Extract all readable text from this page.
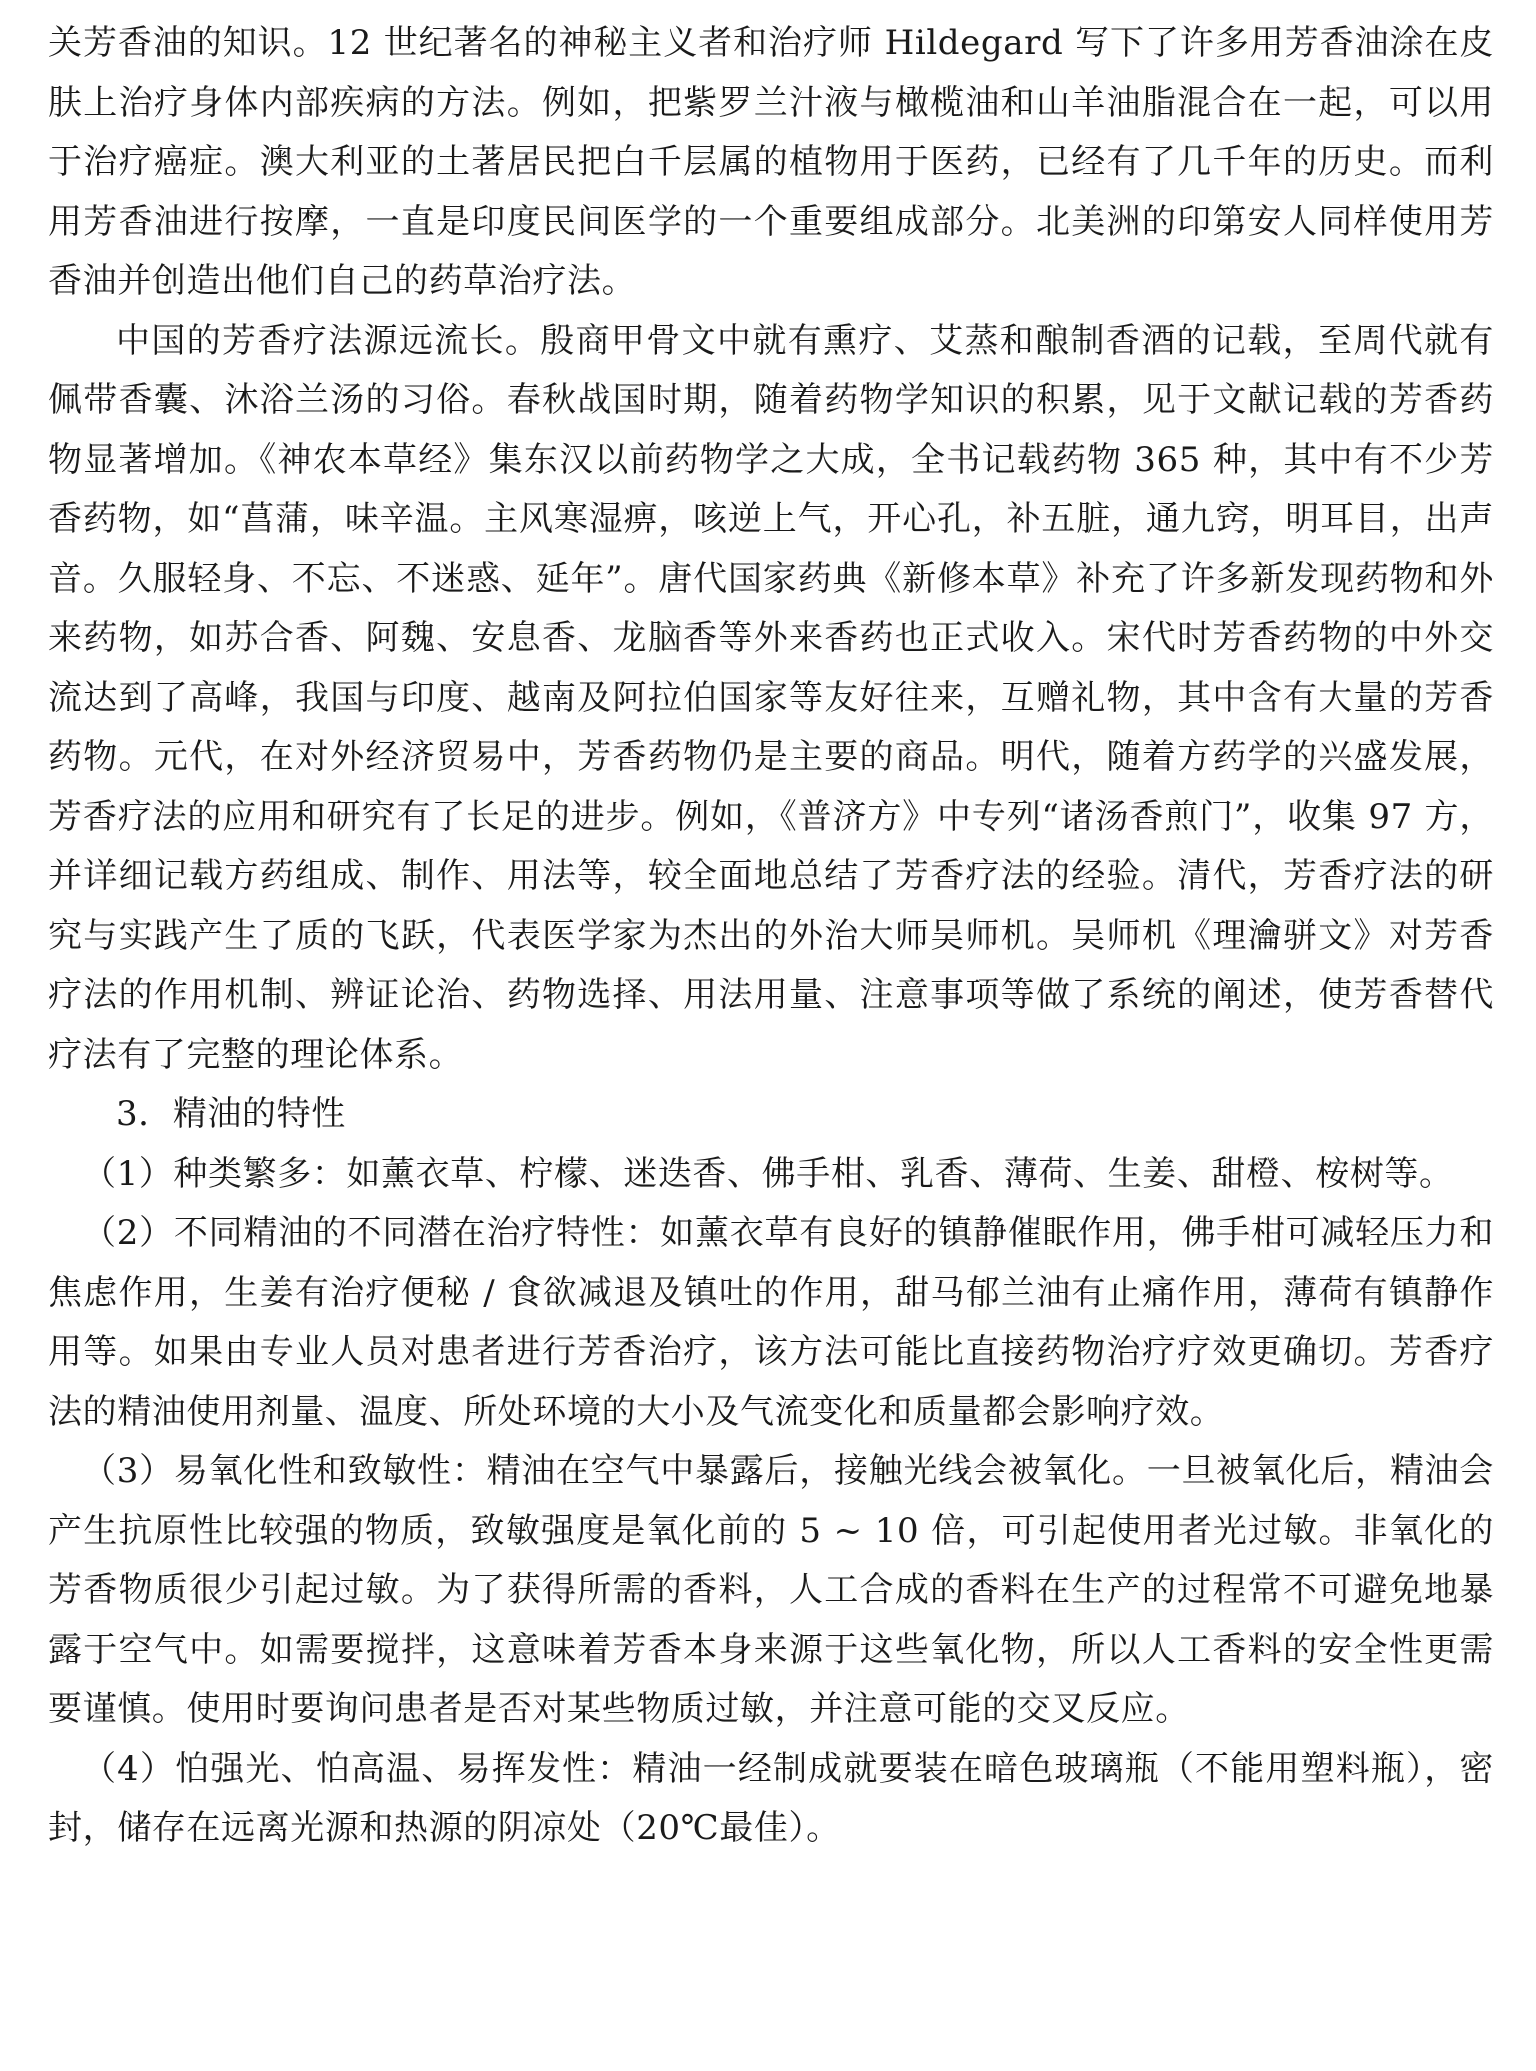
关芳香油的知识。12 世纪著名的神秘主义者和治疗师 Hildegard 写下了许多用芳香油涂在皮肤上治疗身体内部疾病的方法。例如，把紫罗兰汁液与橄榄油和山羊油脂混合在一起，可以用于治疗癌症。澳大利亚的土著居民把白千层属的植物用于医药，已经有了几千年的历史。而利用芳香油进行按摩，一直是印度民间医学的一个重要组成部分。北美洲的印第安人同样使用芳香油并创造出他们自己的药草治疗法。

中国的芳香疗法源远流长。殷商甲骨文中就有熏疗、艾蒸和酿制香酒的记载，至周代就有佩带香囊、沐浴兰汤的习俗。春秋战国时期，随着药物学知识的积累，见于文献记载的芳香药物显著增加。《神农本草经》集东汉以前药物学之大成，全书记载药物 365 种，其中有不少芳香药物，如“菖蒲，味辛温。主风寒湿痹，咳逆上气，开心孔，补五脏，通九窍，明耳目，出声音。久服轻身、不忘、不迷惑、延年”。唐代国家药典《新修本草》补充了许多新发现药物和外来药物，如苏合香、阿魏、安息香、龙脑香等外来香药也正式收入。宋代时芳香药物的中外交流达到了高峰，我国与印度、越南及阿拉伯国家等友好往来，互赠礼物，其中含有大量的芳香药物。元代，在对外经济贸易中，芳香药物仍是主要的商品。明代，随着方药学的兴盛发展，芳香疗法的应用和研究有了长足的进步。例如，《普济方》中专列“诸汤香煎门”，收集 97 方，并详细记载方药组成、制作、用法等，较全面地总结了芳香疗法的经验。清代，芳香疗法的研究与实践产生了质的飞跃，代表医学家为杰出的外治大师吴师机。吴师机《理瀹骈文》对芳香疗法的作用机制、辨证论治、药物选择、用法用量、注意事项等做了系统的阐述，使芳香替代疗法有了完整的理论体系。

3．精油的特性

（1）种类繁多：如薰衣草、柠檬、迷迭香、佛手柑、乳香、薄荷、生姜、甜橙、桉树等。

（2）不同精油的不同潜在治疗特性：如薰衣草有良好的镇静催眠作用，佛手柑可减轻压力和焦虑作用，生姜有治疗便秘 / 食欲减退及镇吐的作用，甜马郁兰油有止痛作用，薄荷有镇静作用等。如果由专业人员对患者进行芳香治疗，该方法可能比直接药物治疗疗效更确切。芳香疗法的精油使用剂量、温度、所处环境的大小及气流变化和质量都会影响疗效。

（3）易氧化性和致敏性：精油在空气中暴露后，接触光线会被氧化。一旦被氧化后，精油会产生抗原性比较强的物质，致敏强度是氧化前的 5 ~ 10 倍，可引起使用者光过敏。非氧化的芳香物质很少引起过敏。为了获得所需的香料，人工合成的香料在生产的过程常不可避免地暴露于空气中。如需要搅拌，这意味着芳香本身来源于这些氧化物，所以人工香料的安全性更需要谨慎。使用时要询问患者是否对某些物质过敏，并注意可能的交叉反应。

（4）怕强光、怕高温、易挥发性：精油一经制成就要装在暗色玻璃瓶（不能用塑料瓶），密封，储存在远离光源和热源的阴凉处（20℃最佳）。
